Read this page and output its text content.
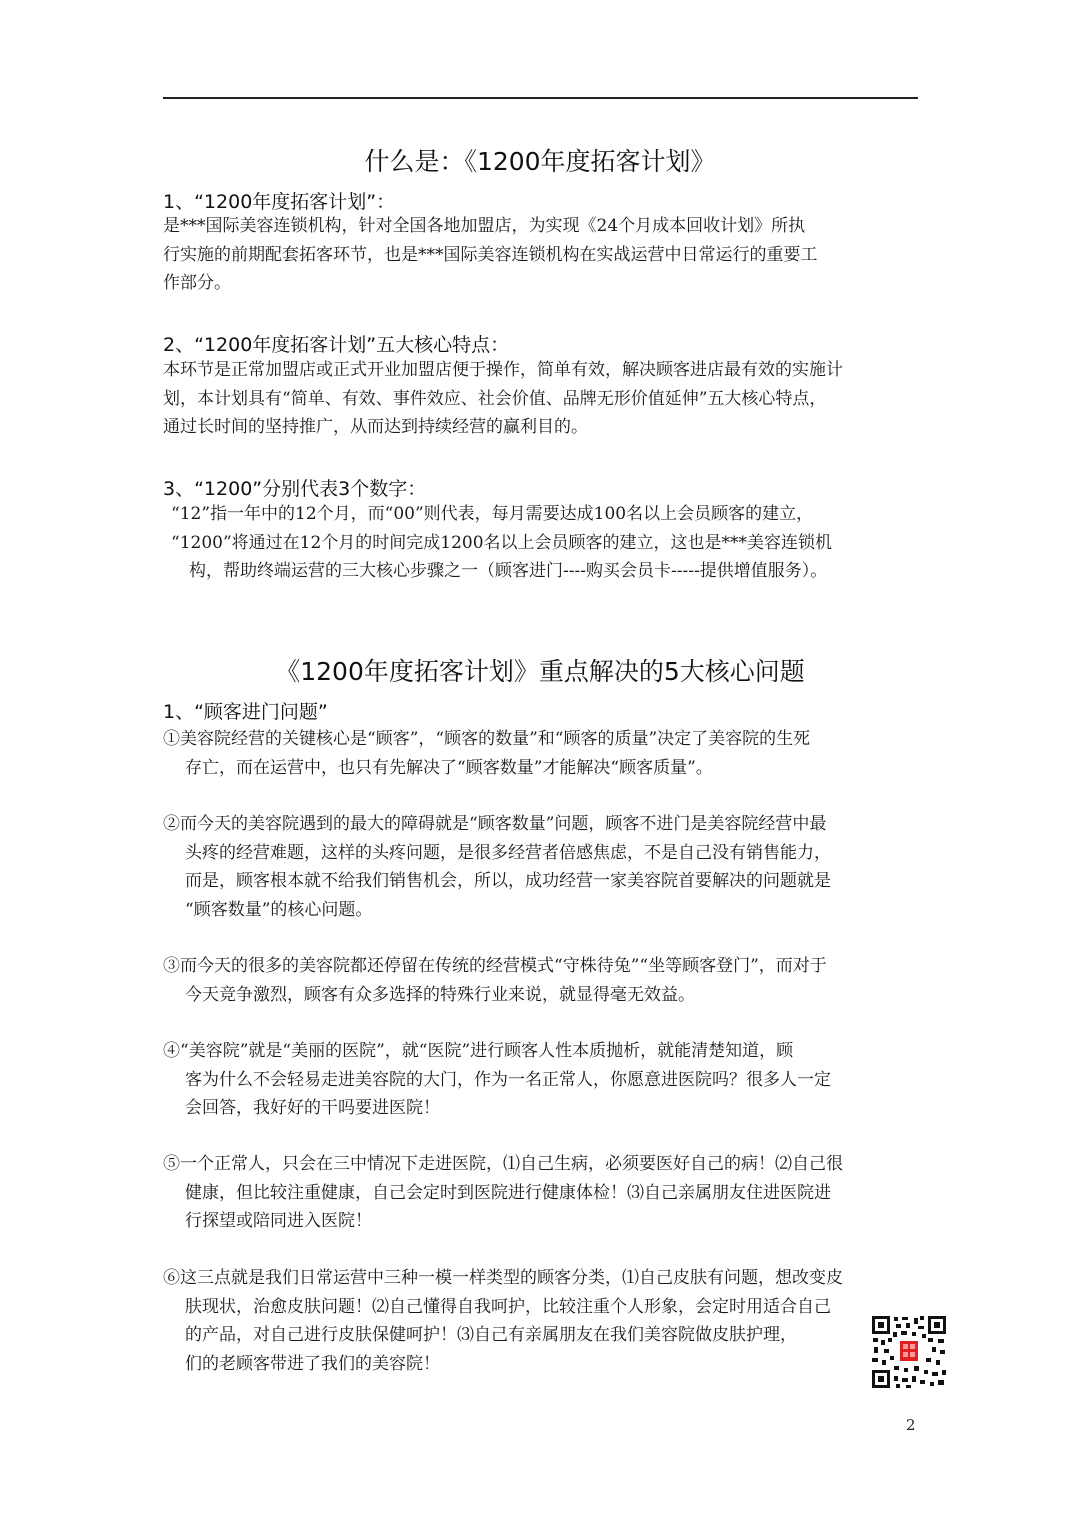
什么是：《1200年度拓客计划》
1、“1200年度拓客计划”：
是***国际美容连锁机构，针对全国各地加盟店，为实现《24个月成本回收计划》所执
行实施的前期配套拓客环节，也是***国际美容连锁机构在实战运营中日常运行的重要工
作部分。
2、“1200年度拓客计划”五大核心特点：
本环节是正常加盟店或正式开业加盟店便于操作，简单有效，解决顾客进店最有效的实施计
划，本计划具有“简单、有效、事件效应、社会价值、品牌无形价值延伸”五大核心特点，
通过长时间的坚持推广，从而达到持续经营的赢利目的。
3、“1200”分别代表3个数字：
“12”指一年中的12个月，而“00”则代表，每月需要达成100名以上会员顾客的建立，
“1200”将通过在12个月的时间完成1200名以上会员顾客的建立，这也是***美容连锁机
构，帮助终端运营的三大核心步骤之一（顾客进门----购买会员卡-----提供增值服务）。
《1200年度拓客计划》重点解决的5大核心问题
1、“顾客进门问题”
①美容院经营的关键核心是“顾客”，“顾客的数量”和“顾客的质量”决定了美容院的生死
存亡，而在运营中，也只有先解决了“顾客数量”才能解决“顾客质量”。
②而今天的美容院遇到的最大的障碍就是“顾客数量”问题，顾客不进门是美容院经营中最
头疼的经营难题，这样的头疼问题，是很多经营者倍感焦虑，不是自己没有销售能力，
而是，顾客根本就不给我们销售机会，所以，成功经营一家美容院首要解决的问题就是
“顾客数量”的核心问题。
③而今天的很多的美容院都还停留在传统的经营模式“守株待兔”“坐等顾客登门”，而对于
今天竞争激烈，顾客有众多选择的特殊行业来说，就显得毫无效益。
④“美容院”就是“美丽的医院”，就“医院”进行顾客人性本质抛析，就能清楚知道，顾
客为什么不会轻易走进美容院的大门，作为一名正常人，你愿意进医院吗？很多人一定
会回答，我好好的干吗要进医院！
⑤一个正常人，只会在三中情况下走进医院，⑴自己生病，必须要医好自己的病！⑵自己很
健康，但比较注重健康，自己会定时到医院进行健康体检！⑶自己亲属朋友住进医院进
行探望或陪同进入医院！
⑥这三点就是我们日常运营中三种一模一样类型的顾客分类，⑴自己皮肤有问题，想改变皮
肤现状，治愈皮肤问题！⑵自己懂得自我呵护，比较注重个人形象，会定时用适合自己
的产品，对自己进行皮肤保健呵护！⑶自己有亲属朋友在我们美容院做皮肤护理，
们的老顾客带进了我们的美容院！
2
